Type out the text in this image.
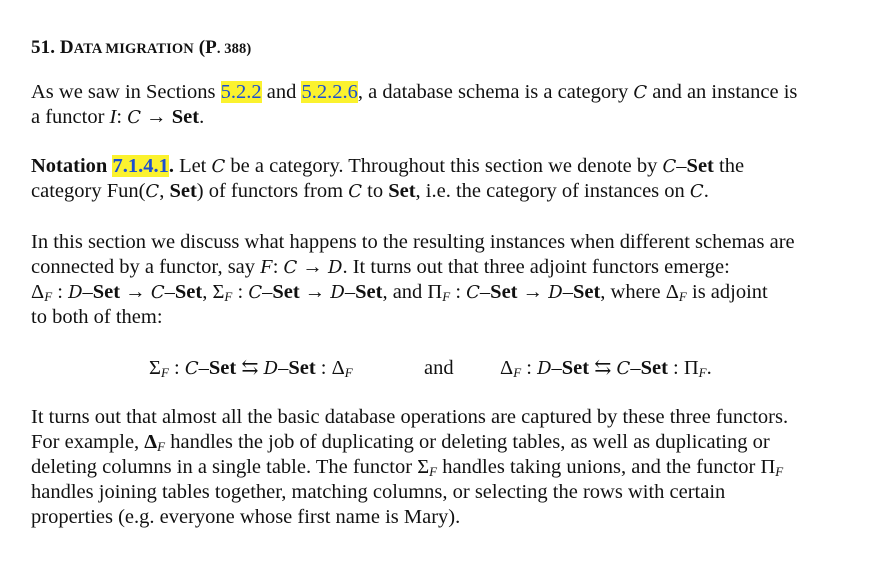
51. DATA MIGRATION (P. 388)
As we saw in Sections 5.2.2 and 5.2.2.6, a database schema is a category C and an instance is
a functor I: C → Set.
Notation 7.1.4.1. Let C be a category. Throughout this section we denote by C–Set the
category Fun(C, Set) of functors from C to Set, i.e. the category of instances on C.
In this section we discuss what happens to the resulting instances when different schemas are
connected by a functor, say F: C → D. It turns out that three adjoint functors emerge:
$\Delta_F$ : D–Set → C–Set, $\Sigma_F$ : C–Set → D–Set, and $\Pi_F$ : C–Set → D–Set, where $\Delta_F$ is adjoint
to both of them:
$\Sigma_F$ : C–Set ⇆ D–Set : $\Delta_F$	and $\Delta_F$ : D–Set ⇆ C–Set : $\Pi_F$.
It turns out that almost all the basic database operations are captured by these three functors.
For example, $\Delta_F$ handles the job of duplicating or deleting tables, as well as duplicating or
deleting columns in a single table. The functor $\Sigma_F$ handles taking unions, and the functor $\Pi_F$
handles joining tables together, matching columns, or selecting the rows with certain
properties (e.g. everyone whose first name is Mary).
